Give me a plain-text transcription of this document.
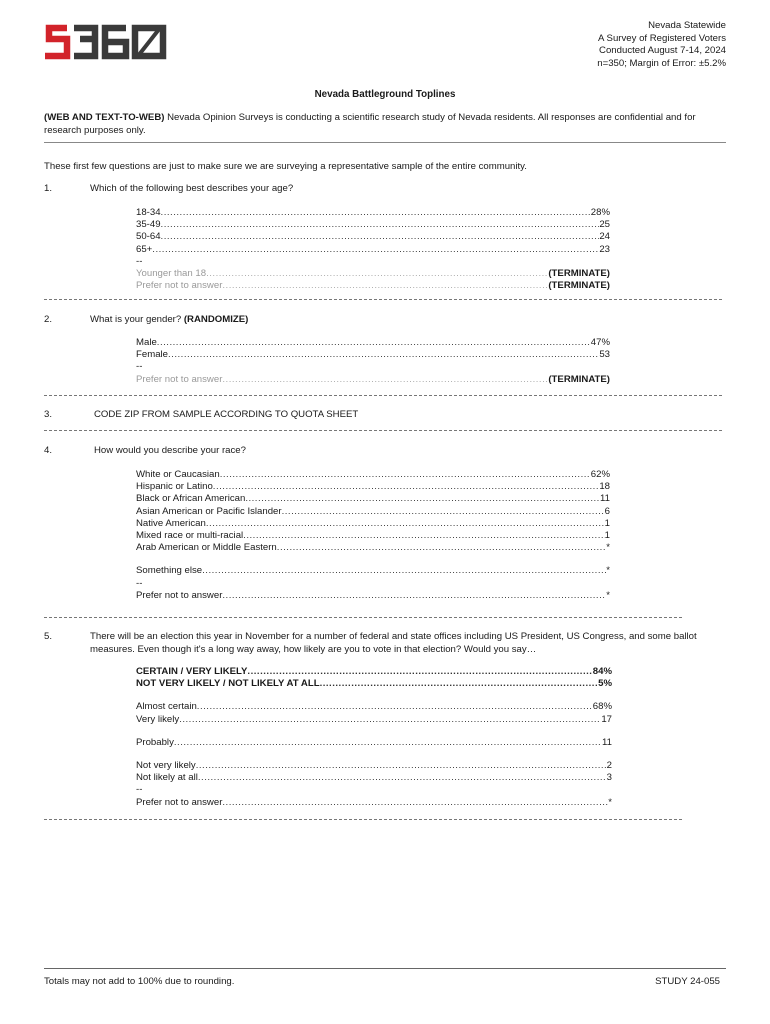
Nevada Statewide
A Survey of Registered Voters
Conducted August 7-14, 2024
n=350; Margin of Error: ±5.2%
Nevada Battleground Toplines
(WEB AND TEXT-TO-WEB) Nevada Opinion Surveys is conducting a scientific research study of Nevada residents. All responses are confidential and for research purposes only.
These first few questions are just to make sure we are surveying a representative sample of the entire community.
1.	Which of the following best describes your age?
18-34 .....	28%
35-49 .....	25
50-64 .....	24
65+ .....	23
--
Younger than 18 .....	(TERMINATE)
Prefer not to answer .....	(TERMINATE)
2.	What is your gender? (RANDOMIZE)
Male .....	47%
Female .....	53
--
Prefer not to answer .....	(TERMINATE)
3.	CODE ZIP FROM SAMPLE ACCORDING TO QUOTA SHEET
4.	How would you describe your race?
White or Caucasian .....	62%
Hispanic or Latino .....	18
Black or African American .....	11
Asian American or Pacific Islander .....	6
Native American .....	1
Mixed race or multi-racial .....	1
Arab American or Middle Eastern .....	*
Something else .....	*
--
Prefer not to answer .....	*
5.	There will be an election this year in November for a number of federal and state offices including US President, US Congress, and some ballot measures. Even though it's a long way away, how likely are you to vote in that election? Would you say…
CERTAIN / VERY LIKELY .....	84%
NOT VERY LIKELY / NOT LIKELY AT ALL .....	5%
Almost certain .....	68%
Very likely .....	17
Probably .....	11
Not very likely .....	2
Not likely at all .....	3
--
Prefer not to answer .....	*
Totals may not add to 100% due to rounding.	STUDY 24-055
